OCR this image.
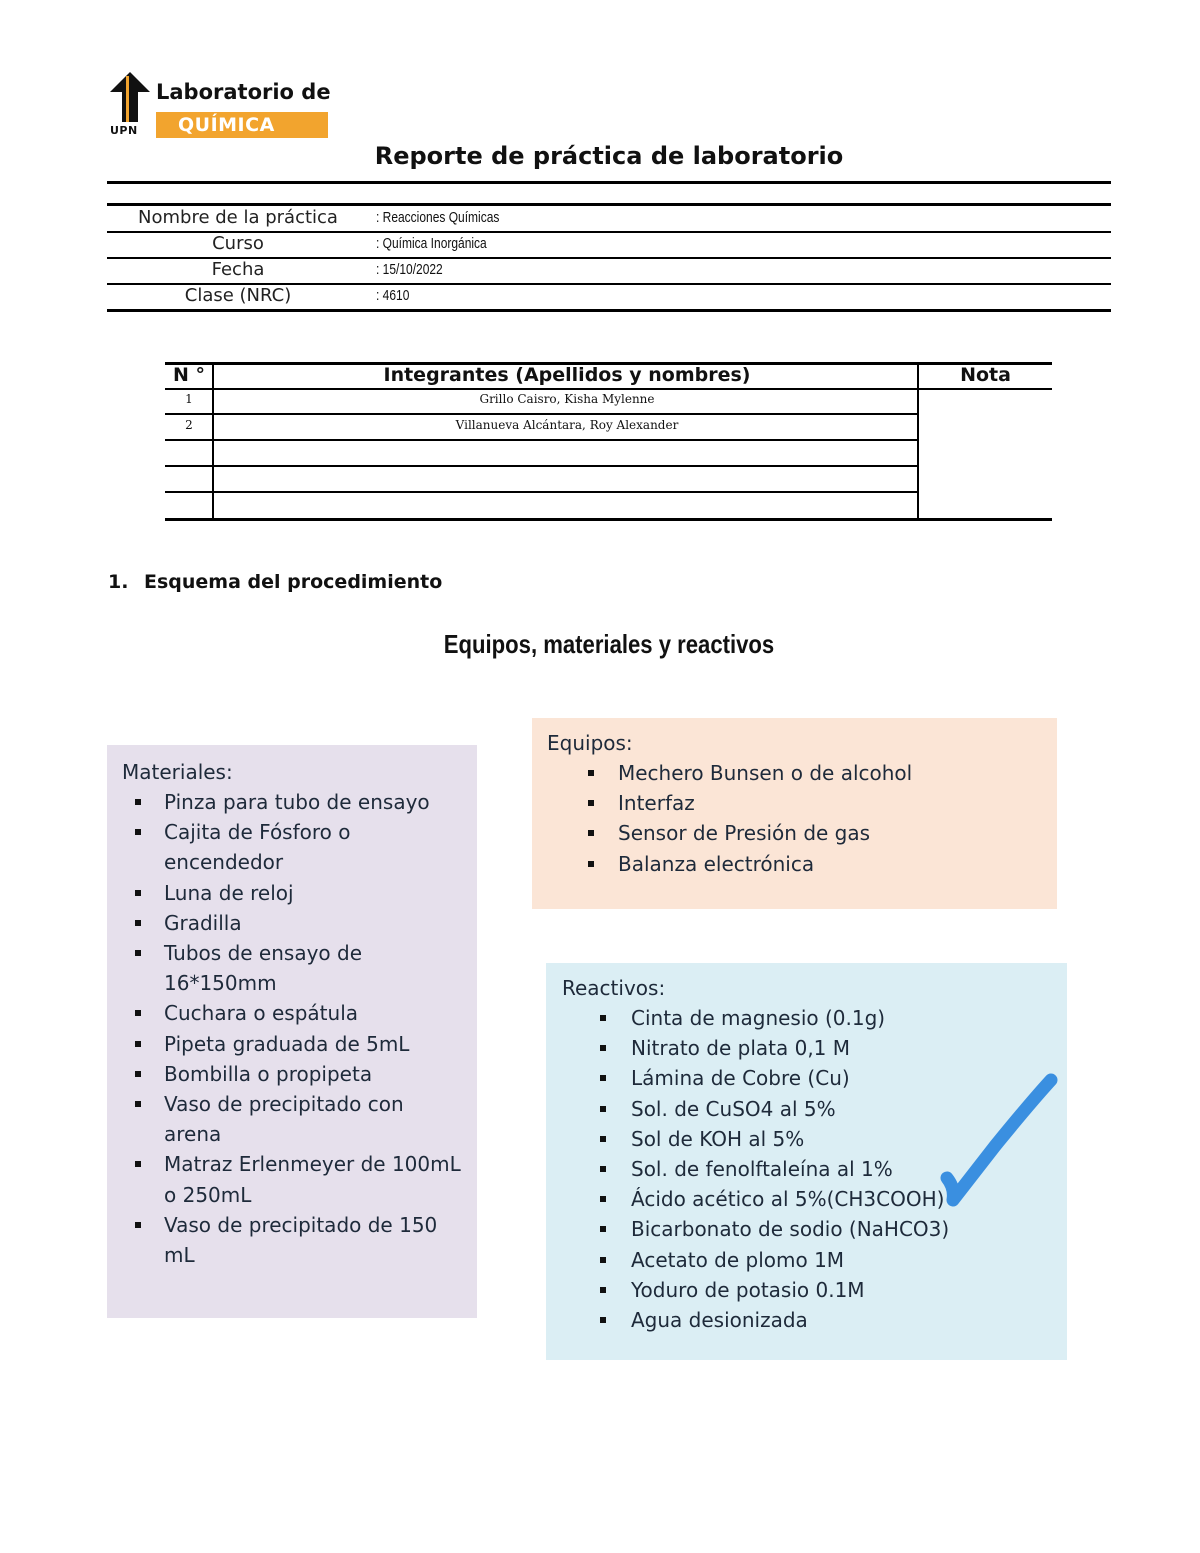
UPN
Laboratorio de
QUÍMICA
Reporte de práctica de laboratorio
Nombre de la práctica	: Reacciones Químicas
Curso	: Química Inorgánica
Fecha	: 15/10/2022
Clase (NRC)	: 4610
N °	Integrantes (Apellidos y nombres)	Nota
1	Grillo Caisro, Kisha Mylenne
2	Villanueva Alcántara, Roy Alexander
1. Esquema del procedimiento
Equipos, materiales y reactivos
Materiales:
Pinza para tubo de ensayo
Cajita de Fósforo o encendedor
Luna de reloj
Gradilla
Tubos de ensayo de 16*150mm
Cuchara o espátula
Pipeta graduada de 5mL
Bombilla o propipeta
Vaso de precipitado con arena
Matraz Erlenmeyer de 100mL o 250mL
Vaso de precipitado de 150 mL
Equipos:
Mechero Bunsen o de alcohol
Interfaz
Sensor de Presión de gas
Balanza electrónica
Reactivos:
Cinta de magnesio (0.1g)
Nitrato de plata 0,1 M
Lámina de Cobre (Cu)
Sol. de CuSO4 al 5%
Sol de KOH al 5%
Sol. de fenolftaleína al 1%
Ácido acético al 5%(CH3COOH)
Bicarbonato de sodio (NaHCO3)
Acetato de plomo 1M
Yoduro de potasio 0.1M
Agua desionizada
